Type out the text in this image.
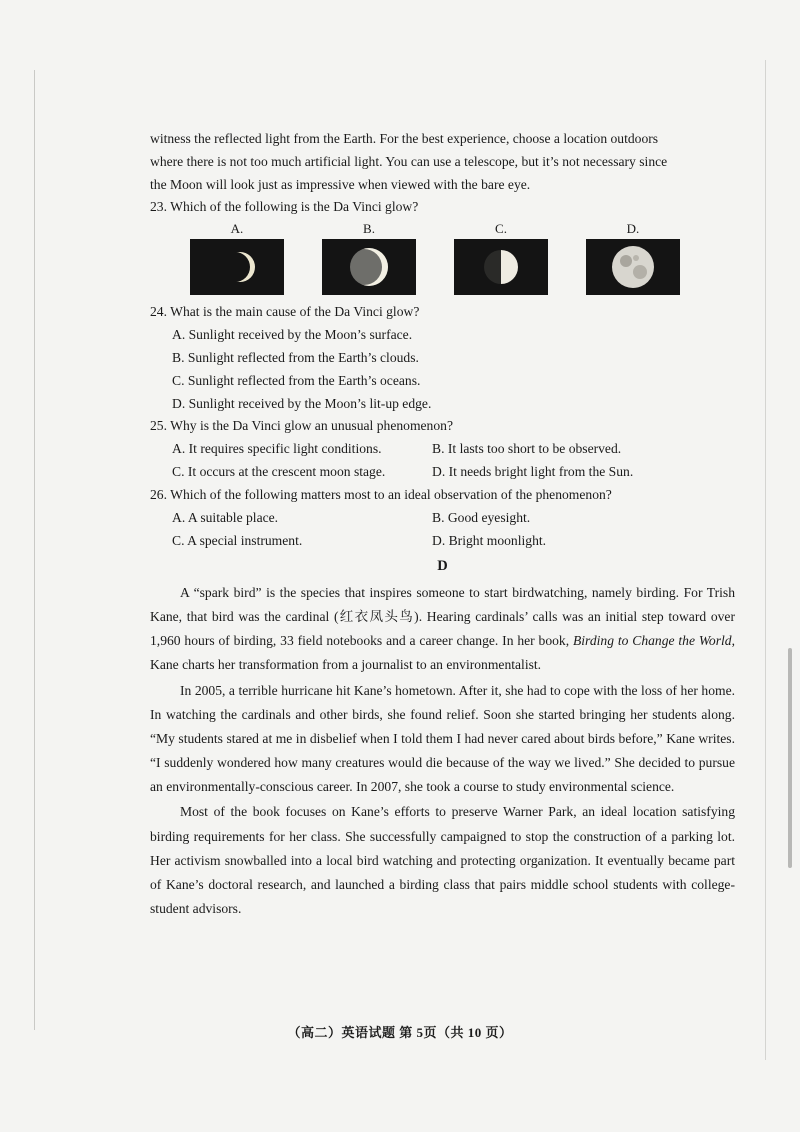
witness the reflected light from the Earth. For the best experience, choose a location outdoors
where there is not too much artificial light. You can use a telescope, but it’s not necessary since
the Moon will look just as impressive when viewed with the bare eye.
23. Which of the following is the Da Vinci glow?
A.	B.	C.	D.
24. What is the main cause of the Da Vinci glow?
A. Sunlight received by the Moon’s surface.
B. Sunlight reflected from the Earth’s clouds.
C. Sunlight reflected from the Earth’s oceans.
D. Sunlight received by the Moon’s lit-up edge.
25. Why is the Da Vinci glow an unusual phenomenon?
A. It requires specific light conditions.	B. It lasts too short to be observed.
C. It occurs at the crescent moon stage.	D. It needs bright light from the Sun.
26. Which of the following matters most to an ideal observation of the phenomenon?
A. A suitable place.	B. Good eyesight.
C. A special instrument.	D. Bright moonlight.
D

A “spark bird” is the species that inspires someone to start birdwatching, namely birding. For Trish Kane, that bird was the cardinal (红衣凤头鸟). Hearing cardinals’ calls was an initial step toward over 1,960 hours of birding, 33 field notebooks and a career change. In her book, Birding to Change the World, Kane charts her transformation from a journalist to an environmentalist.

In 2005, a terrible hurricane hit Kane’s hometown. After it, she had to cope with the loss of her home. In watching the cardinals and other birds, she found relief. Soon she started bringing her students along. “My students stared at me in disbelief when I told them I had never cared about birds before,” Kane writes. “I suddenly wondered how many creatures would die because of the way we lived.” She decided to pursue an environmentally-conscious career. In 2007, she took a course to study environmental science.

Most of the book focuses on Kane’s efforts to preserve Warner Park, an ideal location satisfying birding requirements for her class. She successfully campaigned to stop the construction of a parking lot. Her activism snowballed into a local bird watching and protecting organization. It eventually became part of Kane’s doctoral research, and launched a birding class that pairs middle school students with college-student advisors.

（高二）英语试题 第 5页（共 10 页）
